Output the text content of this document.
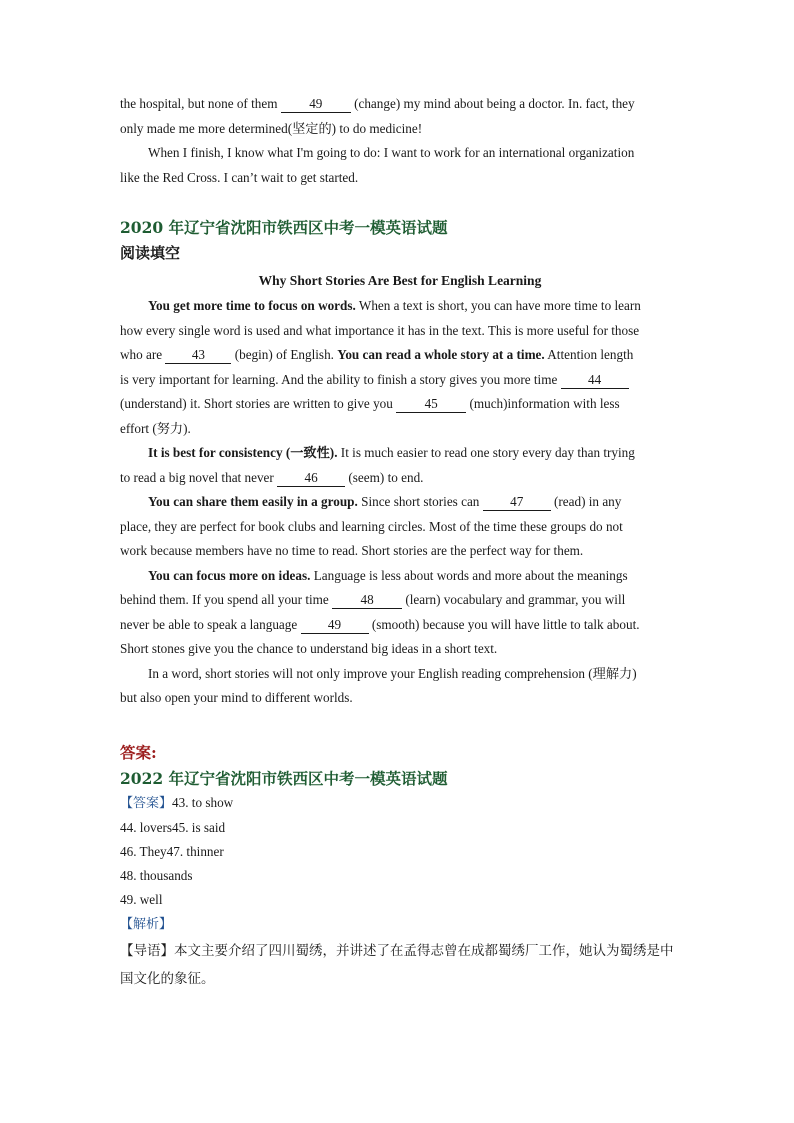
the hospital, but none of them 49 (change) my mind about being a doctor. In. fact, they
only made me more determined(坚定的) to do medicine!
When I finish, I know what I'm going to do: I want to work for an international organization
like the Red Cross. I can’t wait to get started.
2020 年辽宁省沈阳市铁西区中考一模英语试题
阅读填空
Why Short Stories Are Best for English Learning
You get more time to focus on words. When a text is short, you can have more time to learn
how every single word is used and what importance it has in the text. This is more useful for those
who are 43 (begin) of English. You can read a whole story at a time. Attention length
is very important for learning. And the ability to finish a story gives you more time 44
(understand) it. Short stories are written to give you 45 (much)information with less
effort (努力).
It is best for consistency (一致性). It is much easier to read one story every day than trying
to read a big novel that never 46 (seem) to end.
You can share them easily in a group. Since short stories can 47 (read) in any
place, they are perfect for book clubs and learning circles. Most of the time these groups do not
work because members have no time to read. Short stories are the perfect way for them.
You can focus more on ideas. Language is less about words and more about the meanings
behind them. If you spend all your time 48 (learn) vocabulary and grammar, you will
never be able to speak a language 49 (smooth) because you will have little to talk about.
Short stones give you the chance to understand big ideas in a short text.
In a word, short stories will not only improve your English reading comprehension (理解力)
but also open your mind to different worlds.
答案:
2022 年辽宁省沈阳市铁西区中考一模英语试题
【答案】43. to show
44. lovers45. is said
46. They47. thinner
48. thousands
49. well
【解析】
【导语】本文主要介绍了四川蜀绣，并讲述了在孟得志曾在成都蜀绣厂工作，她认为蜀绣是中国文化的象征。
